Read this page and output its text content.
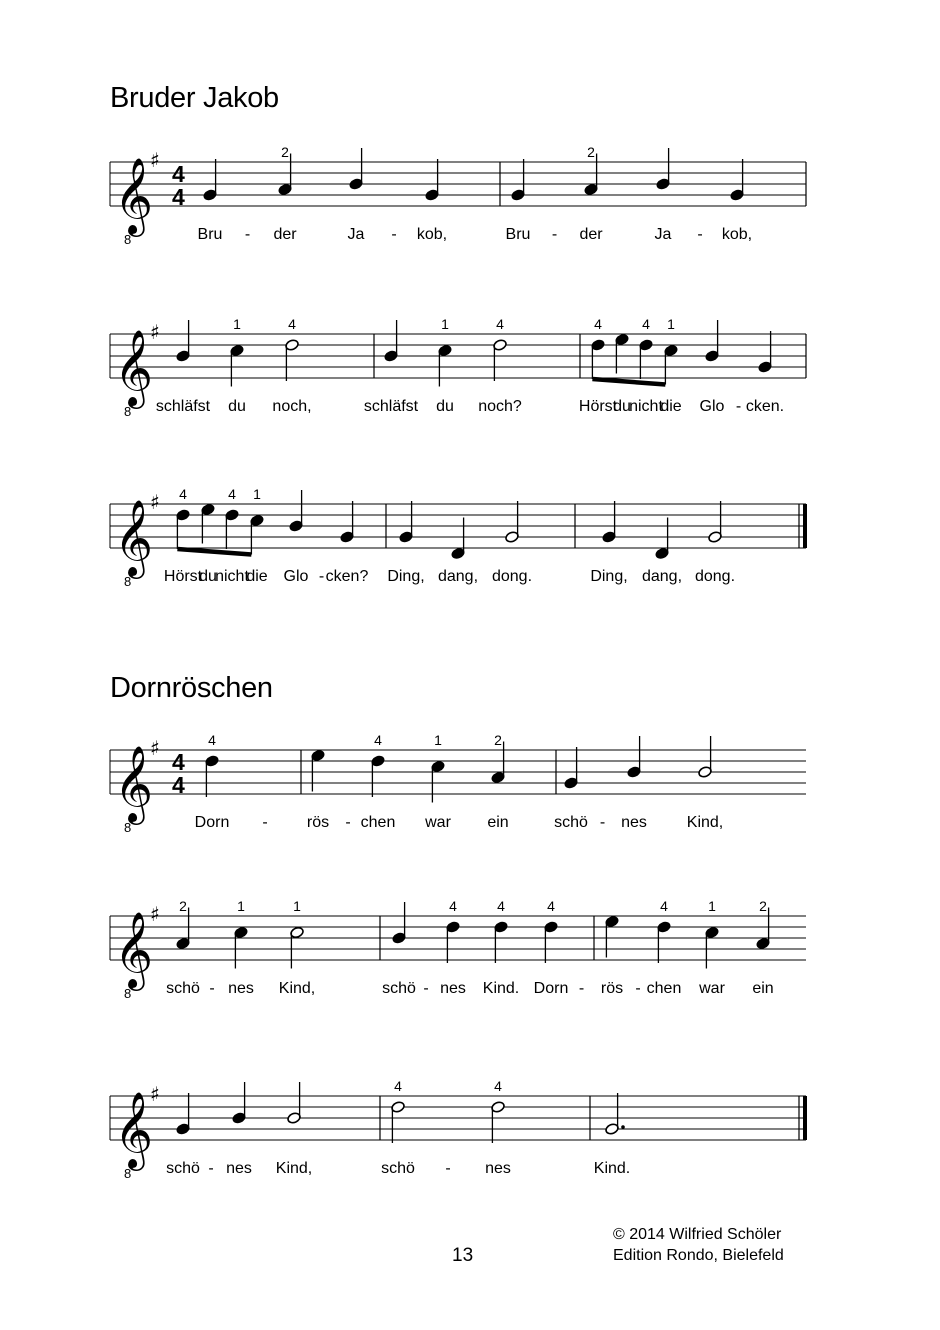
Bruder Jakob
𝄞
8
♯
4
4
Bru	der
2
Ja	kob,	Bru	der
2
Ja	kob,
-	-	-	-
𝄞
8
♯
schläfst du
1
noch,
4
schläfst du
1
noch?
4
Hörst
4
du
nicht
4
die
1
Glo cken.
-
𝄞
8
♯
Hörst
4
du
nicht
4
die
1
Glo cken? Ding, dang, dong.	Ding, dang, dong.
-
Dornröschen
𝄞
8
♯
4
4
Dorn
4
rös chen
4
war
1
ein
2
schö nes Kind,
-	-	-
𝄞
8
♯
schö
2
nes
1
Kind,
1
schö nes
4
Kind.
4
Dorn
4
rös chen
4
war
1
ein
2
-	-	-	-
𝄞
8
♯
schö nes Kind,	schö
4
nes
4
Kind.
-	-
13
© 2014 Wilfried Schöler
Edition Rondo, Bielefeld
